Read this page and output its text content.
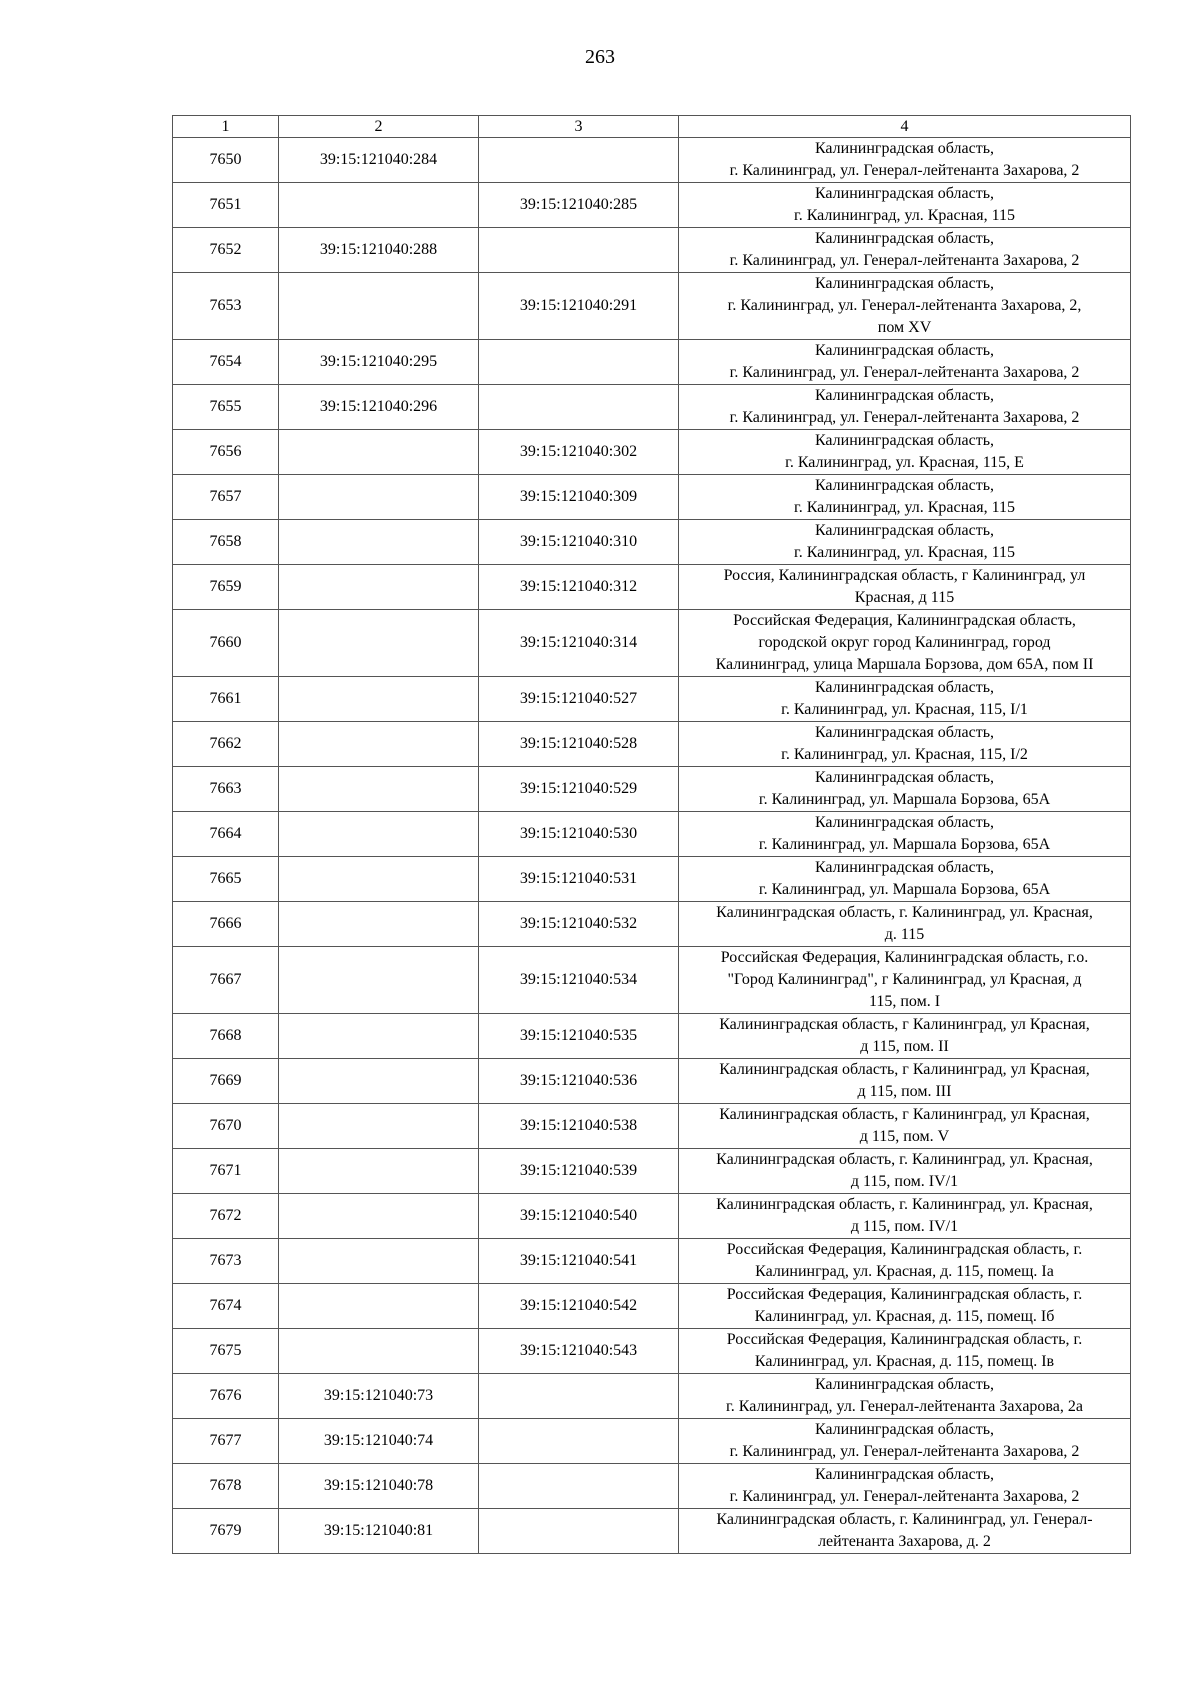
263
1	2	3	4
7650	39:15:121040:284		Калининградская область,
г. Калининград, ул. Генерал-лейтенанта Захарова, 2
7651		39:15:121040:285	Калининградская область,
г. Калининград, ул. Красная, 115
7652	39:15:121040:288		Калининградская область,
г. Калининград, ул. Генерал-лейтенанта Захарова, 2
7653		39:15:121040:291	Калининградская область,
г. Калининград, ул. Генерал-лейтенанта Захарова, 2,
пом XV
7654	39:15:121040:295		Калининградская область,
г. Калининград, ул. Генерал-лейтенанта Захарова, 2
7655	39:15:121040:296		Калининградская область,
г. Калининград, ул. Генерал-лейтенанта Захарова, 2
7656		39:15:121040:302	Калининградская область,
г. Калининград, ул. Красная, 115, Е
7657		39:15:121040:309	Калининградская область,
г. Калининград, ул. Красная, 115
7658		39:15:121040:310	Калининградская область,
г. Калининград, ул. Красная, 115
7659		39:15:121040:312	Россия, Калининградская область, г Калининград, ул
Красная, д 115
7660		39:15:121040:314	Российская Федерация, Калининградская область,
городской округ город Калининград, город
Калининград, улица Маршала Борзова, дом 65А, пом II
7661		39:15:121040:527	Калининградская область,
г. Калининград, ул. Красная, 115, I/1
7662		39:15:121040:528	Калининградская область,
г. Калининград, ул. Красная, 115, I/2
7663		39:15:121040:529	Калининградская область,
г. Калининград, ул. Маршала Борзова, 65А
7664		39:15:121040:530	Калининградская область,
г. Калининград, ул. Маршала Борзова, 65А
7665		39:15:121040:531	Калининградская область,
г. Калининград, ул. Маршала Борзова, 65А
7666		39:15:121040:532	Калининградская область, г. Калининград, ул. Красная,
д. 115
7667		39:15:121040:534	Российская Федерация, Калининградская область, г.о.
"Город Калининград", г Калининград, ул Красная, д
115, пом. I
7668		39:15:121040:535	Калининградская область, г Калининград, ул Красная,
д 115, пом. II
7669		39:15:121040:536	Калининградская область, г Калининград, ул Красная,
д 115, пом. III
7670		39:15:121040:538	Калининградская область, г Калининград, ул Красная,
д 115, пом. V
7671		39:15:121040:539	Калининградская область, г. Калининград, ул. Красная,
д 115, пом. IV/1
7672		39:15:121040:540	Калининградская область, г. Калининград, ул. Красная,
д 115, пом. IV/1
7673		39:15:121040:541	Российская Федерация, Калининградская область, г.
Калининград, ул. Красная, д. 115, помещ. Iа
7674		39:15:121040:542	Российская Федерация, Калининградская область, г.
Калининград, ул. Красная, д. 115, помещ. Iб
7675		39:15:121040:543	Российская Федерация, Калининградская область, г.
Калининград, ул. Красная, д. 115, помещ. Iв
7676	39:15:121040:73		Калининградская область,
г. Калининград, ул. Генерал-лейтенанта Захарова, 2а
7677	39:15:121040:74		Калининградская область,
г. Калининград, ул. Генерал-лейтенанта Захарова, 2
7678	39:15:121040:78		Калининградская область,
г. Калининград, ул. Генерал-лейтенанта Захарова, 2
7679	39:15:121040:81		Калининградская область, г. Калининград, ул. Генерал-
лейтенанта Захарова, д. 2
